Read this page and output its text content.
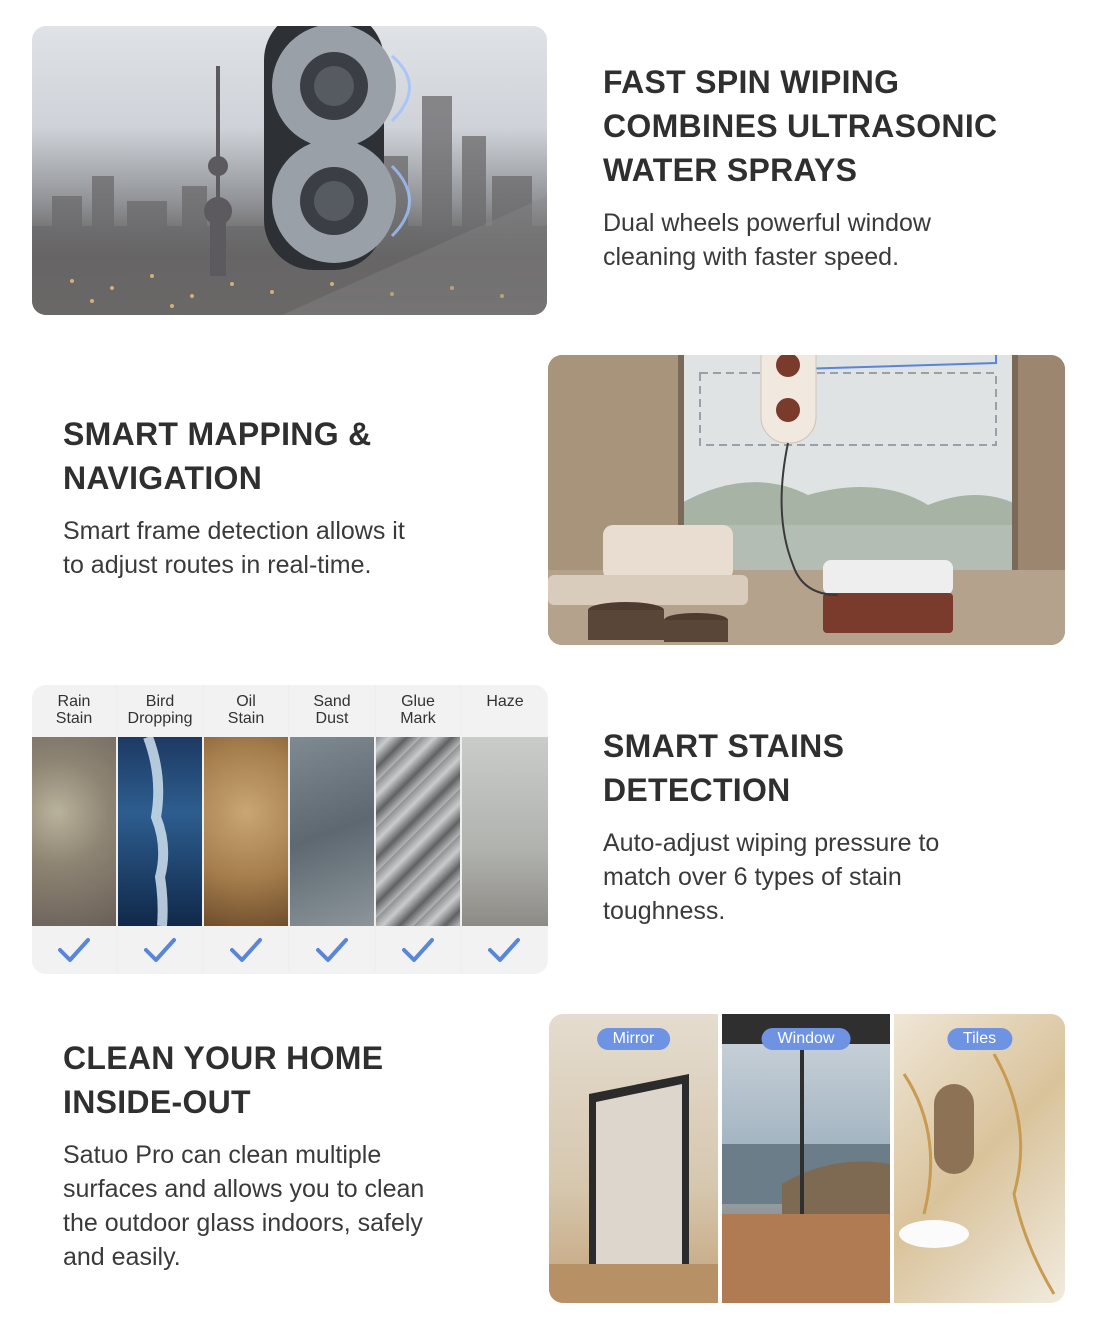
FAST SPIN WIPING
COMBINES ULTRASONIC
WATER SPRAYS

Dual wheels powerful window
cleaning with faster speed.

SMART MAPPING &
NAVIGATION

Smart frame detection allows it
to adjust routes in real-time.

Rain
Stain
Bird
Dropping
Oil
Stain
Sand
Dust
Glue
Mark
Haze
SMART STAINS
DETECTION

Auto-adjust wiping pressure to
match over 6 types of stain
toughness.

CLEAN YOUR HOME
INSIDE-OUT

Satuo Pro can clean multiple
surfaces and allows you to clean
the outdoor glass indoors, safely
and easily.

Mirror	Window	Tiles
